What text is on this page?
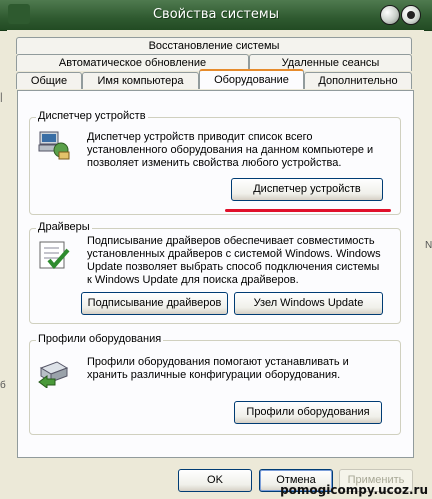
Свойства системы
|
б
N
Восстановление системы
Автоматическое обновление	Удаленные сеансы
Общие	Имя компьютера	Оборудование	Дополнительно
Диспетчер устройств
Диспетчер устройств приводит список всего
установленного оборудования на данном компьютере и
позволяет изменить свойства любого устройства.
Диспетчер устройств
Драйверы
Подписывание драйверов обеспечивает совместимость
установленных драйверов с системой Windows. Windows
Update позволяет выбрать способ подключения системы
к Windows Update для поиска драйверов.
Подписывание драйверов	Узел Windows Update
Профили оборудования
Профили оборудования помогают устанавливать и
хранить различные конфигурации оборудования.
Профили оборудования
OK	Отмена	Применить
pomogicompy.ucoz.ru
